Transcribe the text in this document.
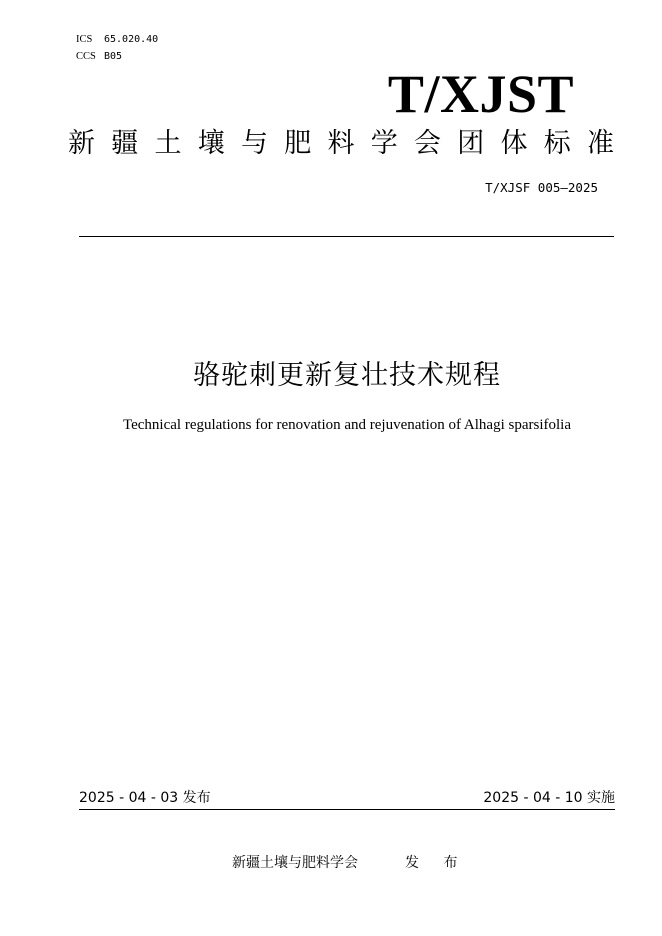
ICS 65.020.40
CCS B05
T/XJST
新 疆 土 壤 与 肥 料 学 会 团 体 标 准
T/XJSF 005—2025
骆驼刺更新复壮技术规程
Technical regulations for renovation and rejuvenation of Alhagi sparsifolia
2025 - 04 - 03 发布	2025 - 04 - 10 实施
新疆土壤与肥料学会	发 布
